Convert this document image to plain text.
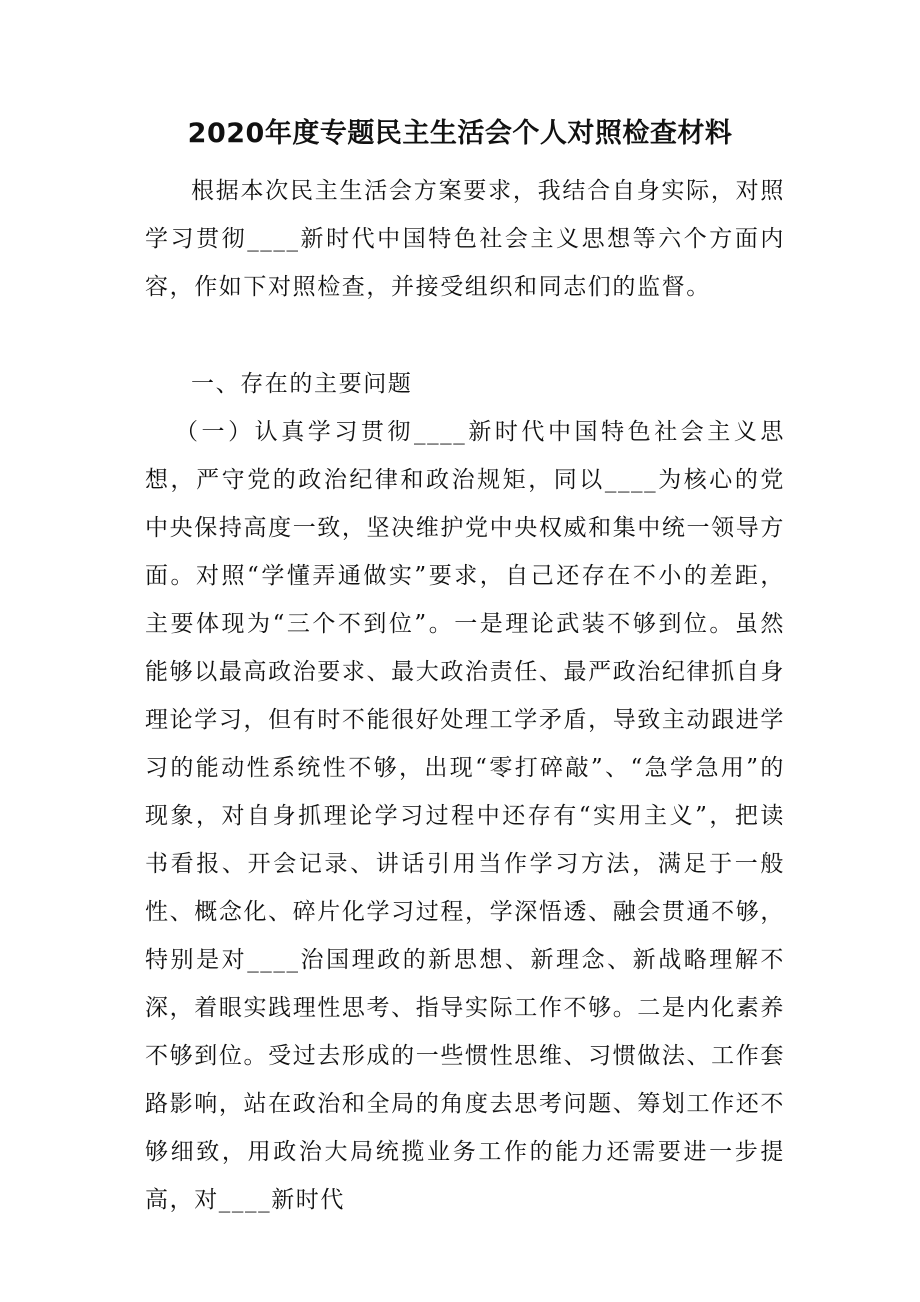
2020年度专题民主生活会个人对照检查材料

根据本次民主生活会方案要求，我结合自身实际，对照学习贯彻____新时代中国特色社会主义思想等六个方面内容，作如下对照检查，并接受组织和同志们的监督。

一、存在的主要问题

（一）认真学习贯彻____新时代中国特色社会主义思想，严守党的政治纪律和政治规矩，同以____为核心的党中央保持高度一致，坚决维护党中央权威和集中统一领导方面。对照“学懂弄通做实”要求，自己还存在不小的差距，主要体现为“三个不到位”。一是理论武装不够到位。虽然能够以最高政治要求、最大政治责任、最严政治纪律抓自身理论学习，但有时不能很好处理工学矛盾，导致主动跟进学习的能动性系统性不够，出现“零打碎敲”、“急学急用”的现象，对自身抓理论学习过程中还存有“实用主义”，把读书看报、开会记录、讲话引用当作学习方法，满足于一般性、概念化、碎片化学习过程，学深悟透、融会贯通不够，特别是对____治国理政的新思想、新理念、新战略理解不深，着眼实践理性思考、指导实际工作不够。二是内化素养不够到位。受过去形成的一些惯性思维、习惯做法、工作套路影响，站在政治和全局的角度去思考问题、筹划工作还不够细致，用政治大局统揽业务工作的能力还需要进一步提高，对____新时代
